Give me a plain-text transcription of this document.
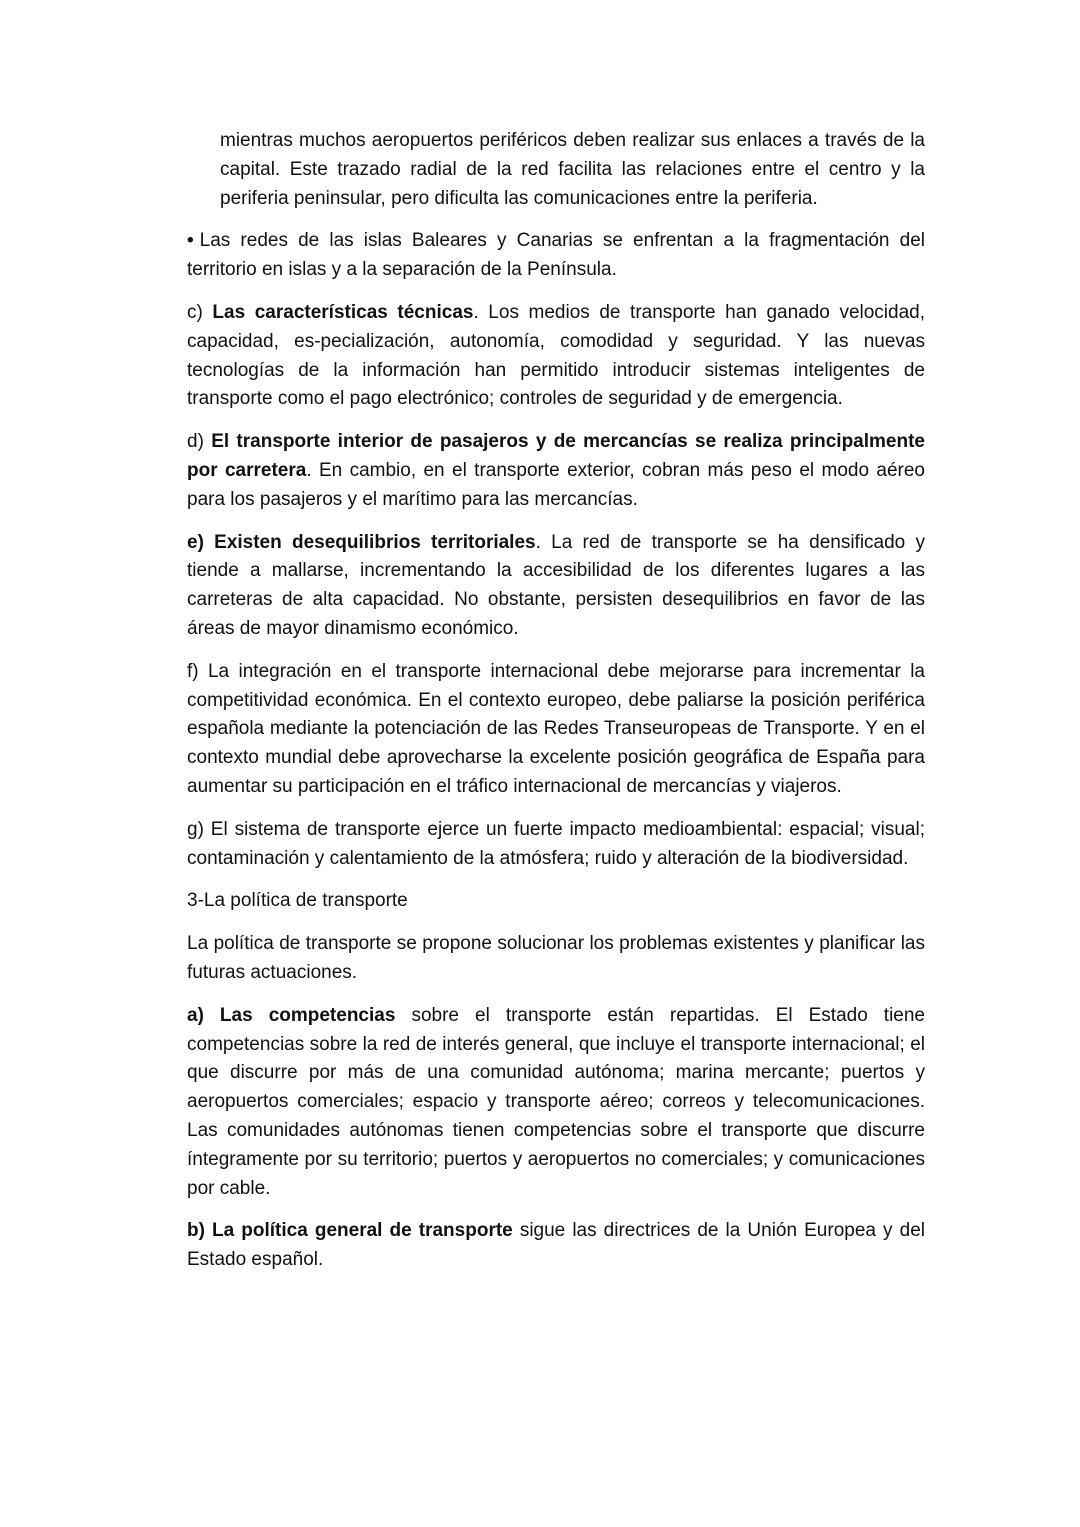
mientras muchos aeropuertos periféricos deben realizar sus enlaces a través de la capital. Este trazado radial de la red facilita las relaciones entre el centro y la periferia peninsular, pero dificulta las comunicaciones entre la periferia.

• Las redes de las islas Baleares y Canarias se enfrentan a la fragmentación del territorio en islas y a la separación de la Península.

c) Las características técnicas. Los medios de transporte han ganado velocidad, capacidad, es-pecialización, autonomía, comodidad y seguridad. Y las nuevas tecnologías de la información han permitido introducir sistemas inteligentes de transporte como el pago electrónico; controles de seguridad y de emergencia.

d) El transporte interior de pasajeros y de mercancías se realiza principalmente por carretera. En cambio, en el transporte exterior, cobran más peso el modo aéreo para los pasajeros y el marítimo para las mercancías.

e) Existen desequilibrios territoriales. La red de transporte se ha densificado y tiende a mallarse, incrementando la accesibilidad de los diferentes lugares a las carreteras de alta capacidad. No obstante, persisten desequilibrios en favor de las áreas de mayor dinamismo económico.

f) La integración en el transporte internacional debe mejorarse para incrementar la competitividad económica. En el contexto europeo, debe paliarse la posición periférica española mediante la potenciación de las Redes Transeuropeas de Transporte. Y en el contexto mundial debe aprovecharse la excelente posición geográfica de España para aumentar su participación en el tráfico internacional de mercancías y viajeros.

g) El sistema de transporte ejerce un fuerte impacto medioambiental: espacial; visual; contaminación y calentamiento de la atmósfera; ruido y alteración de la biodiversidad.

3-La política de transporte

La política de transporte se propone solucionar los problemas existentes y planificar las futuras actuaciones.

a) Las competencias sobre el transporte están repartidas. El Estado tiene competencias sobre la red de interés general, que incluye el transporte internacional; el que discurre por más de una comunidad autónoma; marina mercante; puertos y aeropuertos comerciales; espacio y transporte aéreo; correos y telecomunicaciones. Las comunidades autónomas tienen competencias sobre el transporte que discurre íntegramente por su territorio; puertos y aeropuertos no comerciales; y comunicaciones por cable.

b) La política general de transporte sigue las directrices de la Unión Europea y del Estado español.
